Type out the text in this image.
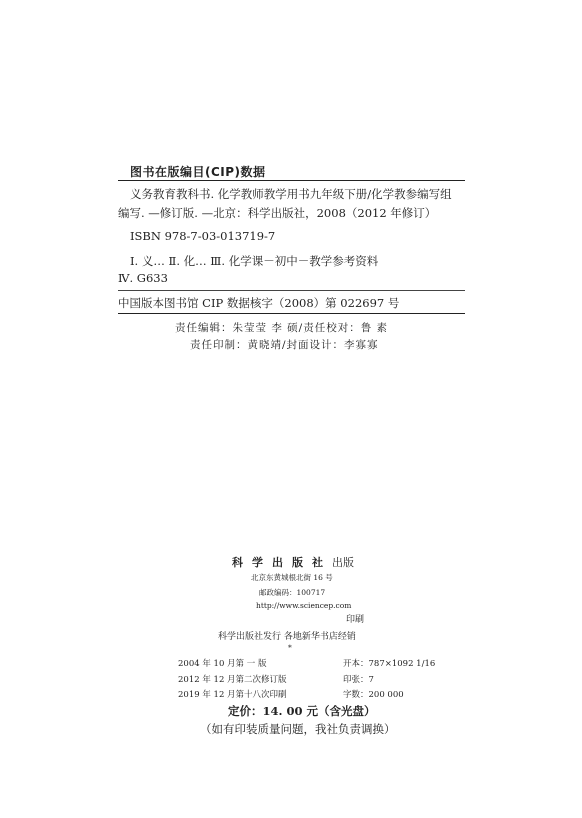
图书在版编目(CIP)数据
义务教育教科书. 化学教师教学用书九年级下册/化学教参编写组
编写. —修订版. —北京：科学出版社，2008（2012 年修订）
ISBN 978-7-03-013719-7
Ⅰ. 义… Ⅱ. 化… Ⅲ. 化学课－初中－教学参考资料
Ⅳ. G633
中国版本图书馆 CIP 数据核字（2008）第 022697 号
责任编辑：朱莹莹 李 硕/责任校对：鲁 素
责任印制：黄晓靖/封面设计：李寡寡
科学出版社出版
北京东黄城根北街 16 号
邮政编码：100717
http://www.sciencep.com
印刷
科学出版社发行 各地新华书店经销
*
2004 年 10 月第 一 版	开本：787×1092 1/16
2012 年 12 月第二次修订版	印张：7
2019 年 12 月第十八次印刷	字数：200 000
定价：14. 00 元（含光盘）
（如有印装质量问题，我社负责调换）
